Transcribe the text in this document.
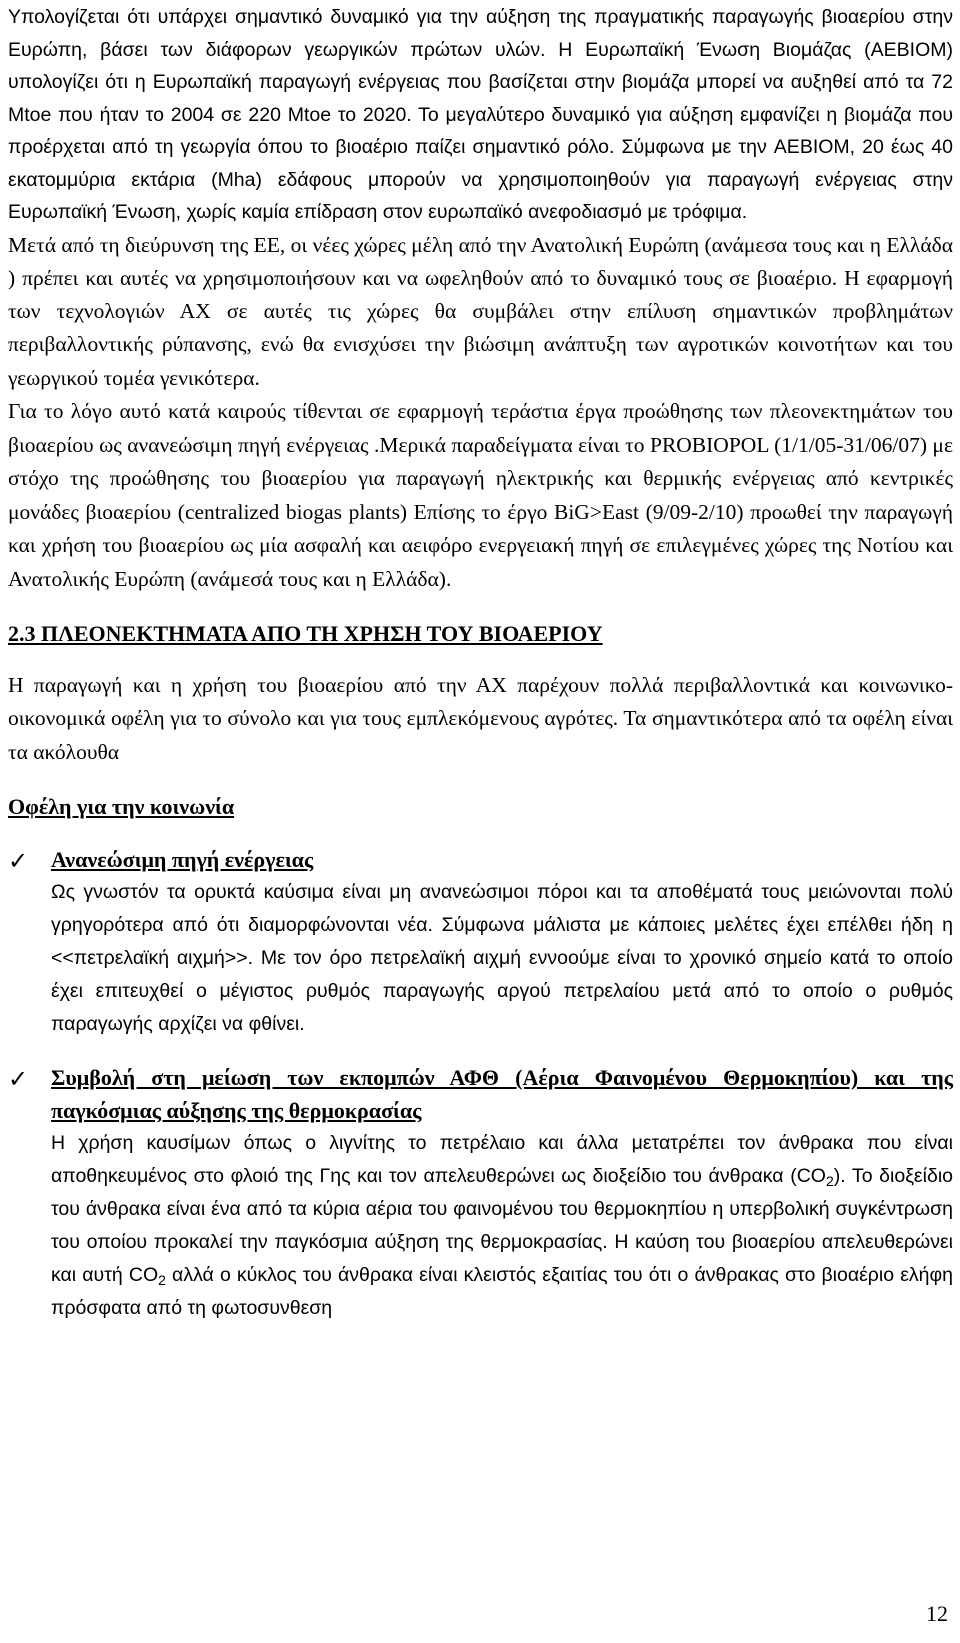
Υπολογίζεται ότι υπάρχει σημαντικό δυναμικό για την αύξηση της πραγματικής παραγωγής βιοαερίου στην Ευρώπη, βάσει των διάφορων γεωργικών πρώτων υλών. Η Ευρωπαϊκή Ένωση Βιομάζας (AEBIOM) υπολογίζει ότι η Ευρωπαϊκή παραγωγή ενέργειας που βασίζεται στην βιομάζα μπορεί να αυξηθεί από τα 72 Mtoe που ήταν το 2004 σε 220 Mtoe το 2020. Το μεγαλύτερο δυναμικό για αύξηση εμφανίζει η βιομάζα που προέρχεται από τη γεωργία όπου το βιοαέριο παίζει σημαντικό ρόλο. Σύμφωνα με την AEBIOM, 20 έως 40 εκατομμύρια εκτάρια (Mha) εδάφους μπορούν να χρησιμοποιηθούν για παραγωγή ενέργειας στην Ευρωπαϊκή Ένωση, χωρίς καμία επίδραση στον ευρωπαϊκό ανεφοδιασμό με τρόφιμα.

Μετά από τη διεύρυνση της ΕΕ, οι νέες χώρες μέλη από την Ανατολική Ευρώπη (ανάμεσα τους και η Ελλάδα ) πρέπει και αυτές να χρησιμοποιήσουν και να ωφεληθούν από το δυναμικό τους σε βιοαέριο. Η εφαρμογή των τεχνολογιών ΑΧ σε αυτές τις χώρες θα συμβάλει στην επίλυση σημαντικών προβλημάτων περιβαλλοντικής ρύπανσης, ενώ θα ενισχύσει την βιώσιμη ανάπτυξη των αγροτικών κοινοτήτων και του γεωργικού τομέα γενικότερα.

Για το λόγο αυτό κατά καιρούς τίθενται σε εφαρμογή τεράστια έργα προώθησης των πλεονεκτημάτων του βιοαερίου ως ανανεώσιμη πηγή ενέργειας .Μερικά παραδείγματα είναι το PROBIOPOL (1/1/05-31/06/07) με στόχο της προώθησης του βιοαερίου για παραγωγή ηλεκτρικής και θερμικής ενέργειας από κεντρικές μονάδες βιοαερίου (centralized biogas plants) Επίσης το έργο BiG>East (9/09-2/10) προωθεί την παραγωγή και χρήση του βιοαερίου ως μία ασφαλή και αειφόρο ενεργειακή πηγή σε επιλεγμένες χώρες της Νοτίου και Ανατολικής Ευρώπη (ανάμεσά τους και η Ελλάδα).

2.3 ΠΛΕΟΝΕΚΤΗΜΑΤΑ ΑΠΟ ΤΗ ΧΡΗΣΗ ΤΟΥ ΒΙΟΑΕΡΙΟΥ

Η παραγωγή και η χρήση του βιοαερίου από την ΑΧ παρέχουν πολλά περιβαλλοντικά και κοινωνικο-οικονομικά οφέλη για το σύνολο και για τους εμπλεκόμενους αγρότες. Τα σημαντικότερα από τα οφέλη είναι τα ακόλουθα

Οφέλη για την κοινωνία

✓ Ανανεώσιμη πηγή ενέργειας

Ως γνωστόν τα ορυκτά καύσιμα είναι μη ανανεώσιμοι πόροι και τα αποθέματά τους μειώνονται πολύ γρηγορότερα από ότι διαμορφώνονται νέα. Σύμφωνα μάλιστα με κάποιες μελέτες έχει επέλθει ήδη η <<πετρελαϊκή αιχμή>>. Με τον όρο πετρελαϊκή αιχμή εννοούμε είναι το χρονικό σημείο κατά το οποίο έχει επιτευχθεί ο μέγιστος ρυθμός παραγωγής αργού πετρελαίου μετά από το οποίο ο ρυθμός παραγωγής αρχίζει να φθίνει.

✓ Συμβολή στη μείωση των εκπομπών ΑΦΘ (Αέρια Φαινομένου Θερμοκηπίου) και της παγκόσμιας αύξησης της θερμοκρασίας

Η χρήση καυσίμων όπως ο λιγνίτης το πετρέλαιο και άλλα μετατρέπει τον άνθρακα που είναι αποθηκευμένος στο φλοιό της Γης και τον απελευθερώνει ως διοξείδιο του άνθρακα $(CO_2)$. Το διοξείδιο του άνθρακα είναι ένα από τα κύρια αέρια του φαινομένου του θερμοκηπίου η υπερβολική συγκέντρωση του οποίου προκαλεί την παγκόσμια αύξηση της θερμοκρασίας. Η καύση του βιοαερίου απελευθερώνει και αυτή $CO_2$ αλλά ο κύκλος του άνθρακα είναι κλειστός εξαιτίας του ότι ο άνθρακας στο βιοαέριο ελήφη πρόσφατα από τη φωτοσυνθεση

12
